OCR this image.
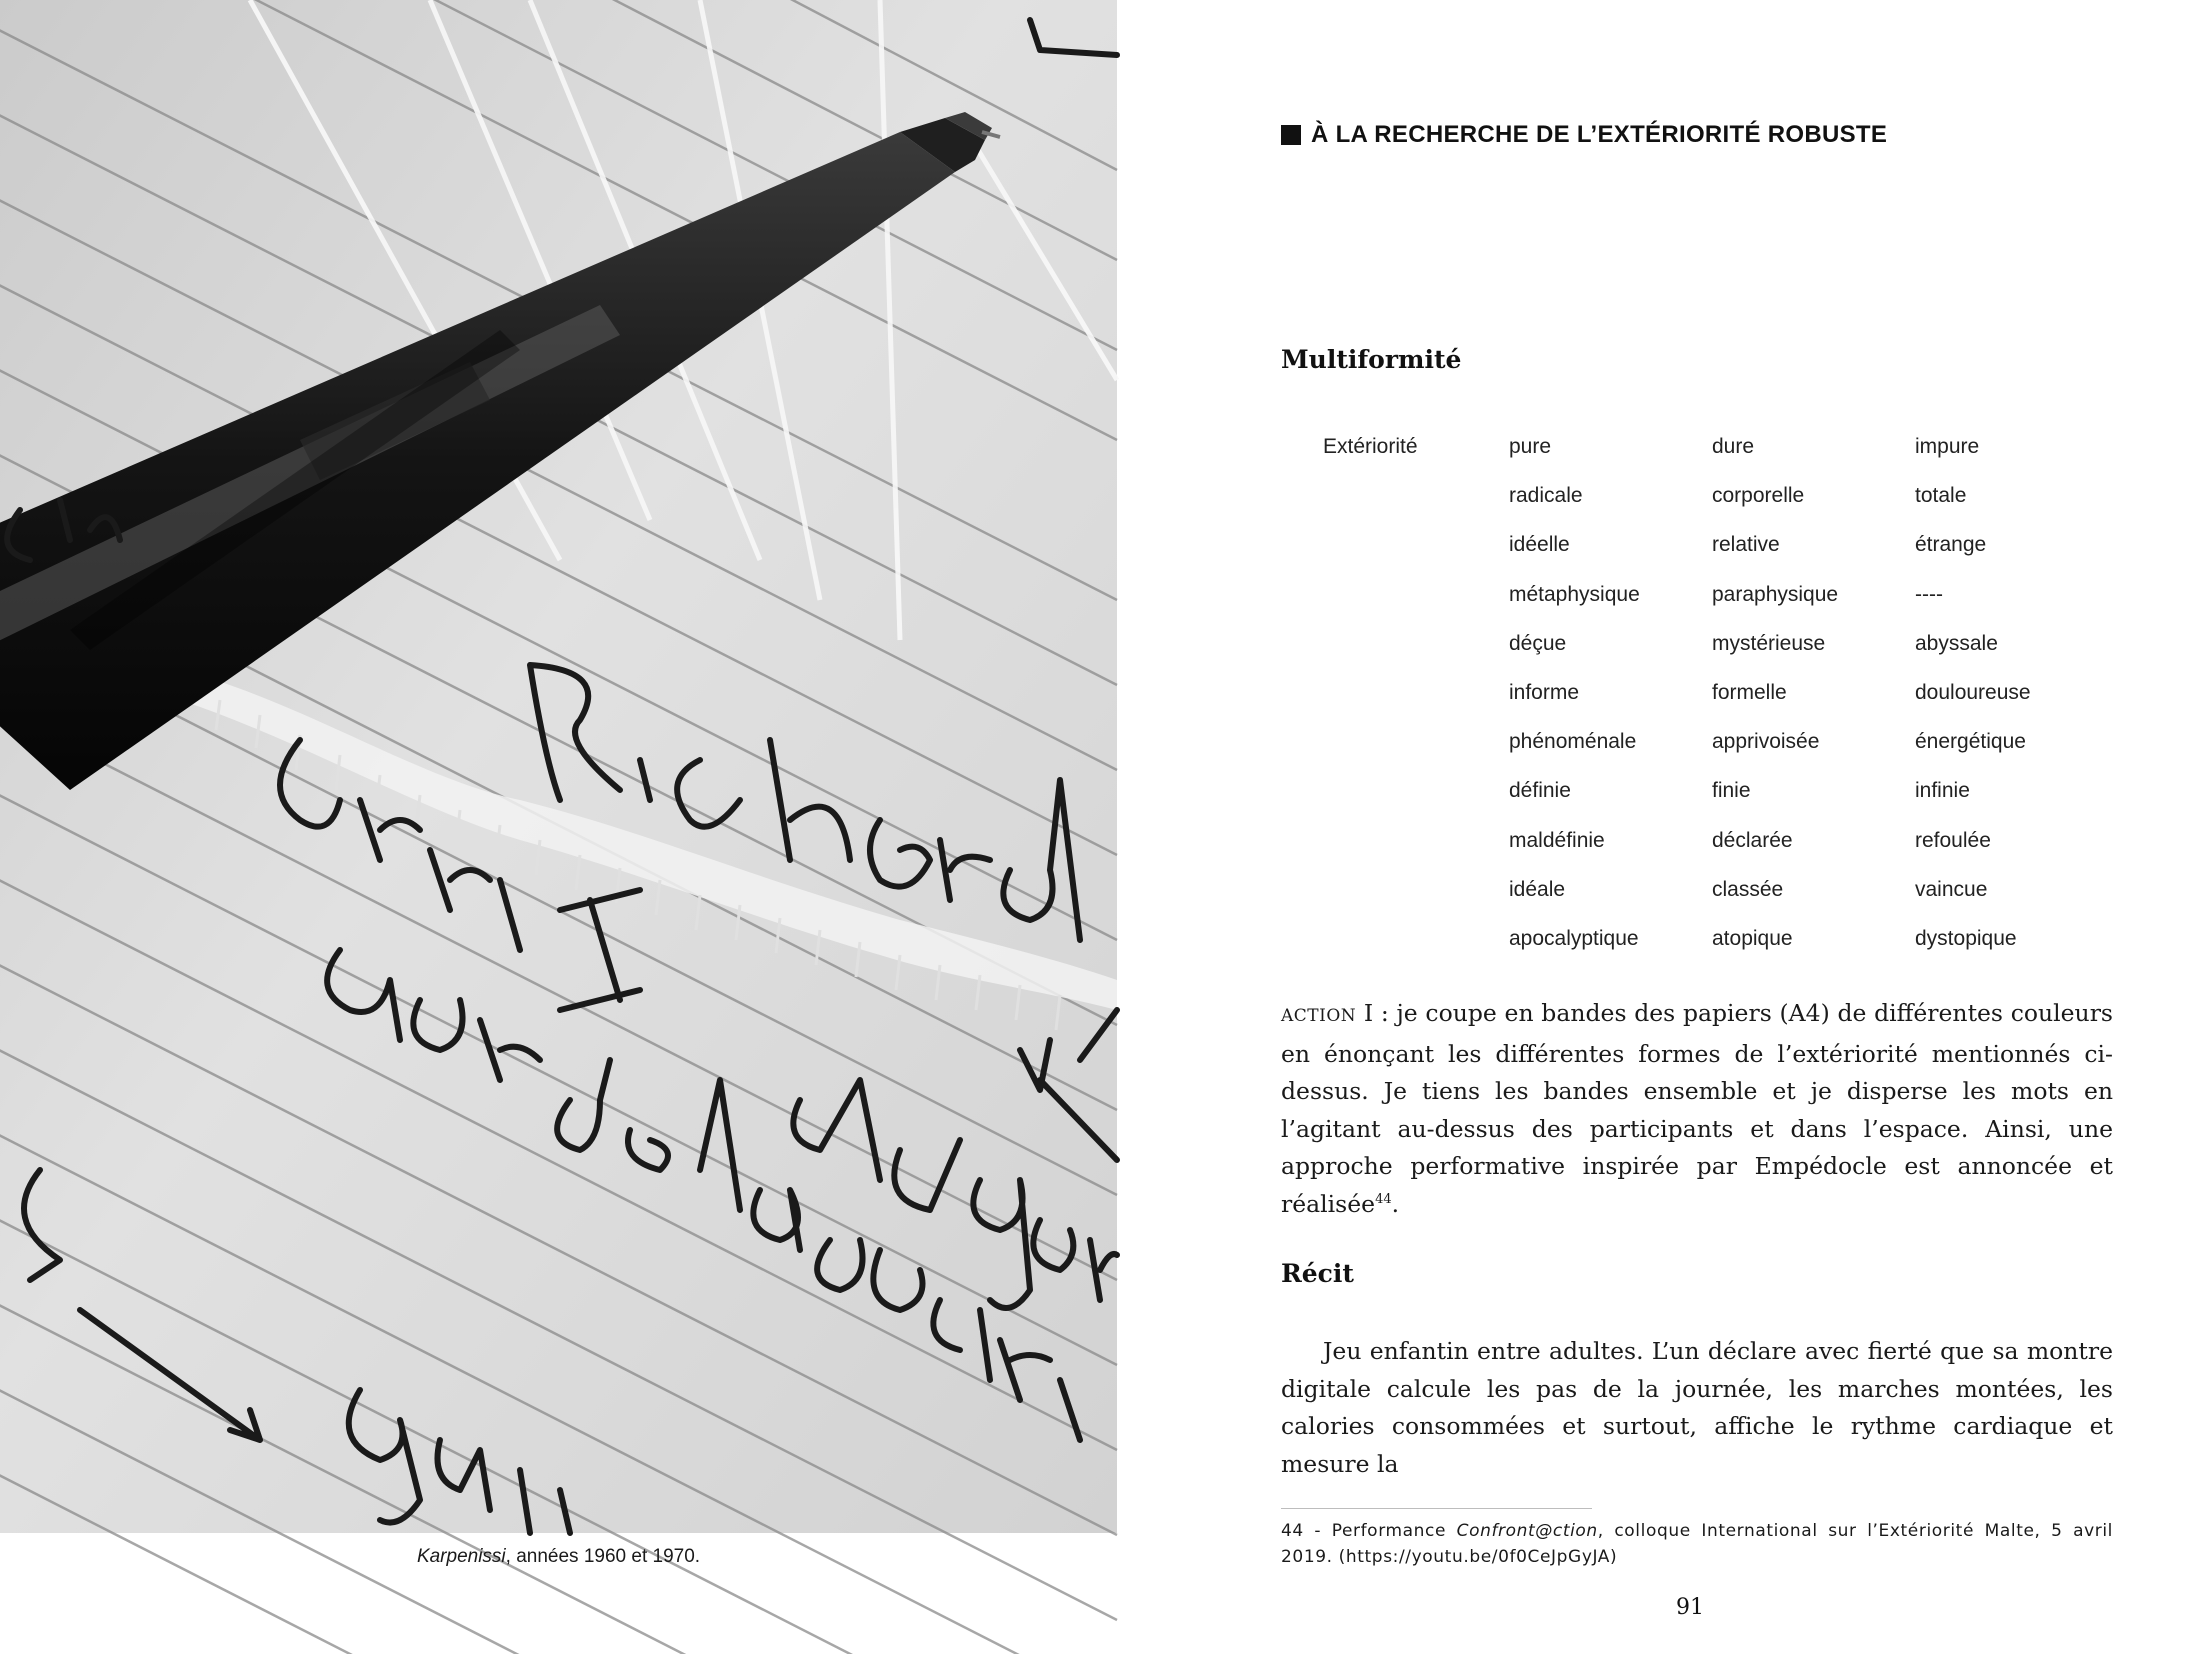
Karpenissi, années 1960 et 1970.
À LA RECHERCHE DE L’EXTÉRIORITÉ ROBUSTE
Multiformité
Extériorité	pure	dure	impure
radicale	corporelle	totale
idéelle	relative	étrange
métaphysique	paraphysique	----
déçue	mystérieuse	abyssale
informe	formelle	douloureuse
phénoménale	apprivoisée	énergétique
définie	finie	infinie
maldéfinie	déclarée	refoulée
idéale	classée	vaincue
apocalyptique	atopique	dystopique

ACTION I : je coupe en bandes des papiers (A4) de différentes couleurs en énonçant les différentes formes de l’extériorité mentionnés ci-dessus. Je tiens les bandes ensemble et je disperse les mots en l’agitant au-dessus des participants et dans l’espace. Ainsi, une approche performative inspirée par Empédocle est annoncée et réalisée$^{44}$.

Récit

Jeu enfantin entre adultes. L’un déclare avec fierté que sa montre digitale calcule les pas de la journée, les marches montées, les calories consommées et surtout, affiche le rythme cardiaque et mesure la

44 - Performance Confront@ction, colloque International sur l’Extériorité Malte, 5 avril 2019. (https://youtu.be/0f0CeJpGyJA)
91
